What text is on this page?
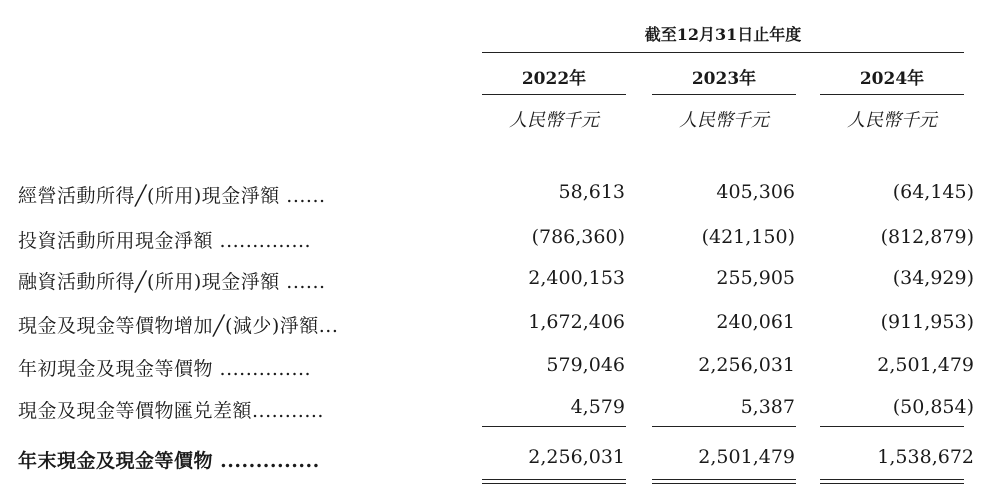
截至12月31日止年度
2022年	2023年	2024年
人民幣千元	人民幣千元	人民幣千元
經營活動所得╱(所用)現金淨額 ......	58,613	405,306	(64,145)
投資活動所用現金淨額 ..............	(786,360)	(421,150)	(812,879)
融資活動所得╱(所用)現金淨額 ......	2,400,153	255,905	(34,929)
現金及現金等價物增加╱(減少)淨額...	1,672,406	240,061	(911,953)
年初現金及現金等價物 ..............	579,046	2,256,031	2,501,479
現金及現金等價物匯兑差額...........	4,579	5,387	(50,854)
年末現金及現金等價物 ..............	2,256,031	2,501,479	1,538,672
